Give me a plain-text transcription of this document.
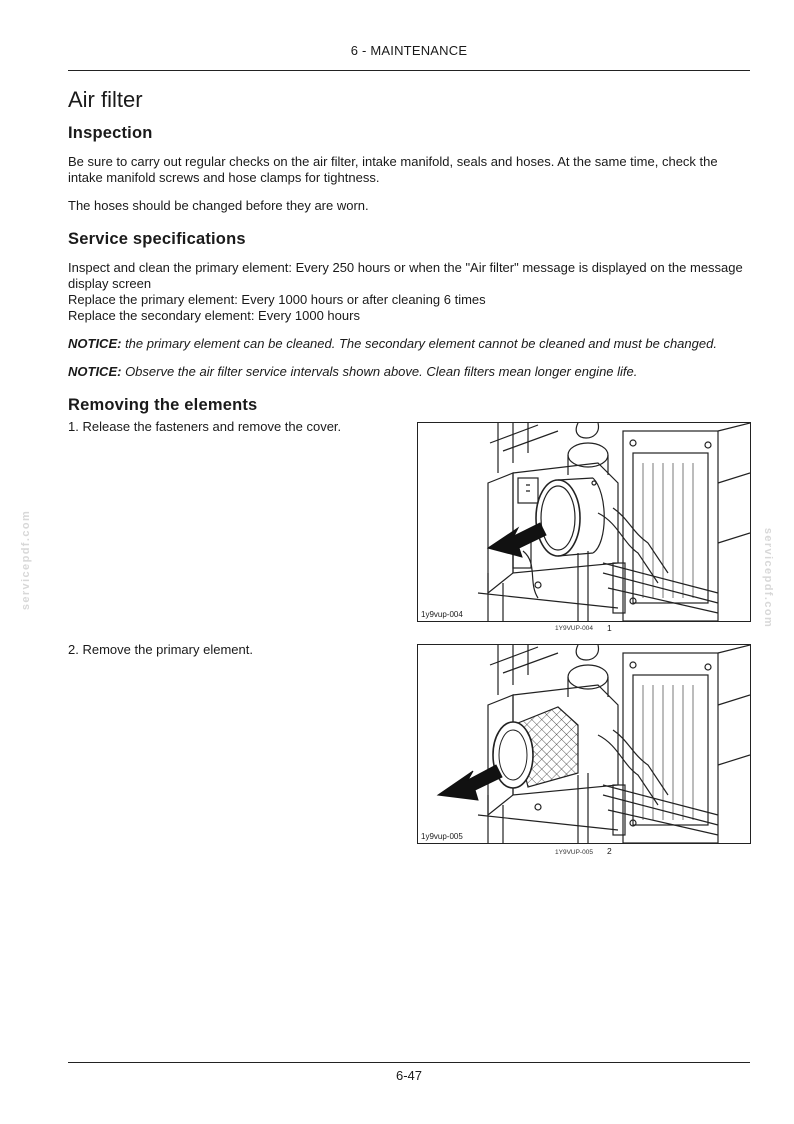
6 - MAINTENANCE
servicepdf.com	servicepdf.com
Air filter
Inspection

Be sure to carry out regular checks on the air filter, intake manifold, seals and hoses. At the same time, check the intake manifold screws and hose clamps for tightness.

The hoses should be changed before they are worn.

Service specifications

Inspect and clean the primary element: Every 250 hours or when the "Air filter" message is displayed on the message display screen

Replace the primary element: Every 1000 hours or after cleaning 6 times

Replace the secondary element: Every 1000 hours

NOTICE: the primary element can be cleaned. The secondary element cannot be cleaned and must be changed.

NOTICE: Observe the air filter service intervals shown above. Clean filters mean longer engine life.

Removing the elements
1. Release the fasteners and remove the cover.
2. Remove the primary element.
1y9vup-004
1Y9VUP-004 1
1y9vup-005
1Y9VUP-005 2
6-47
